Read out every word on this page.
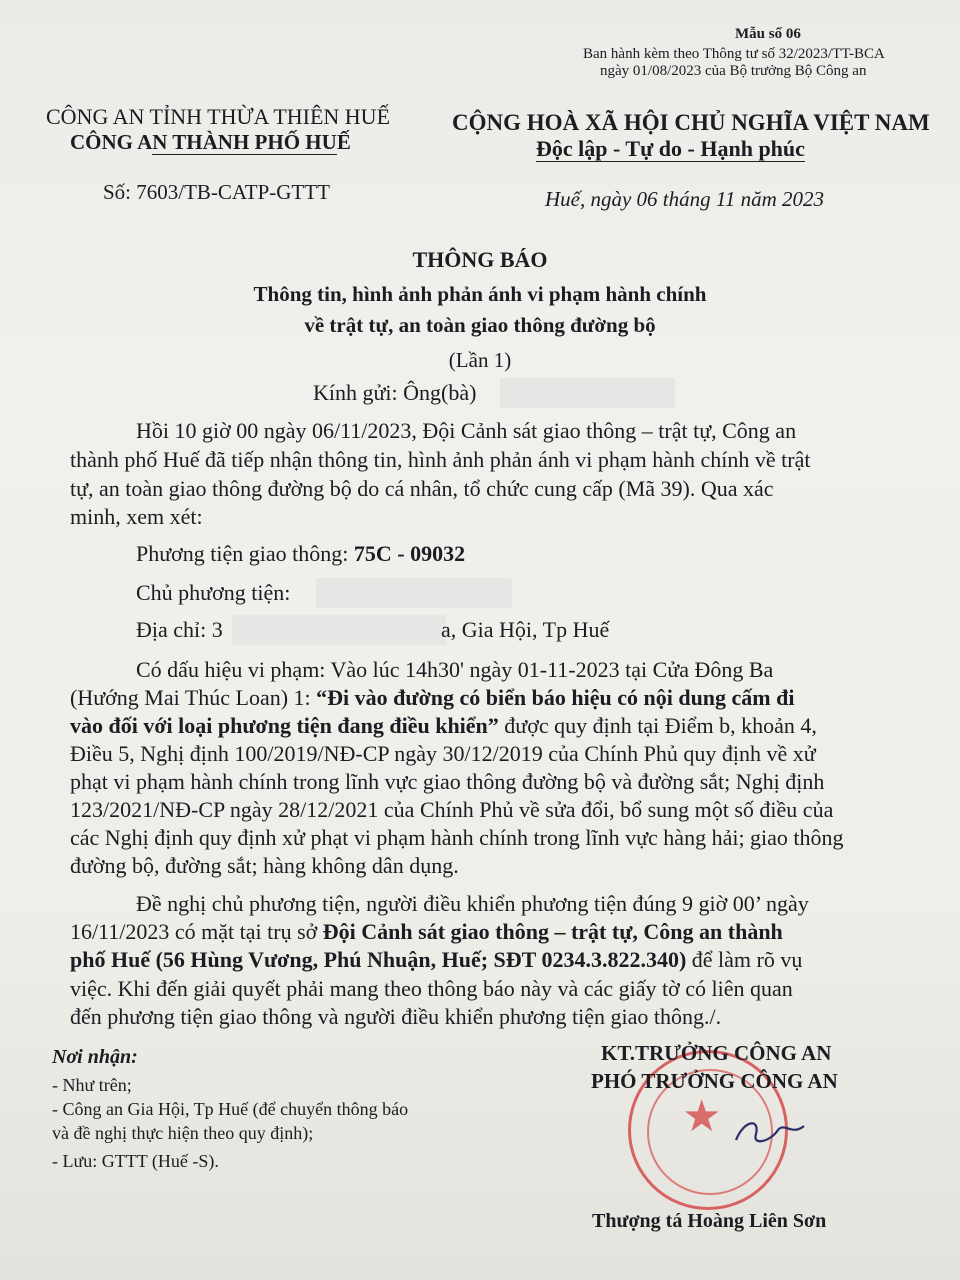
Mẫu số 06
Ban hành kèm theo Thông tư số 32/2023/TT-BCA
ngày 01/08/2023 của Bộ trưởng Bộ Công an
CÔNG AN TỈNH THỪA THIÊN HUẾ
CÔNG AN THÀNH PHỐ HUẾ
CỘNG HOÀ XÃ HỘI CHỦ NGHĨA VIỆT NAM
Độc lập - Tự do - Hạnh phúc
Số: 7603/TB-CATP-GTTT	Huế, ngày 06 tháng 11 năm 2023
THÔNG BÁO
Thông tin, hình ảnh phản ánh vi phạm hành chính
về trật tự, an toàn giao thông đường bộ
(Lần 1)
Kính gửi: Ông(bà)
Hồi 10 giờ 00 ngày 06/11/2023, Đội Cảnh sát giao thông – trật tự, Công an
thành phố Huế đã tiếp nhận thông tin, hình ảnh phản ánh vi phạm hành chính về trật
tự, an toàn giao thông đường bộ do cá nhân, tổ chức cung cấp (Mã 39). Qua xác
minh, xem xét:
Phương tiện giao thông: 75C - 09032
Chủ phương tiện:
Địa chỉ: 3	a, Gia Hội, Tp Huế
Có dấu hiệu vi phạm: Vào lúc 14h30' ngày 01-11-2023 tại Cửa Đông Ba
(Hướng Mai Thúc Loan) 1: “Đi vào đường có biển báo hiệu có nội dung cấm đi
vào đối với loại phương tiện đang điều khiển” được quy định tại Điểm b, khoản 4,
Điều 5, Nghị định 100/2019/NĐ-CP ngày 30/12/2019 của Chính Phủ quy định về xử
phạt vi phạm hành chính trong lĩnh vực giao thông đường bộ và đường sắt; Nghị định
123/2021/NĐ-CP ngày 28/12/2021 của Chính Phủ về sửa đổi, bổ sung một số điều của
các Nghị định quy định xử phạt vi phạm hành chính trong lĩnh vực hàng hải; giao thông
đường bộ, đường sắt; hàng không dân dụng.
Đề nghị chủ phương tiện, người điều khiển phương tiện đúng 9 giờ 00’ ngày
16/11/2023 có mặt tại trụ sở Đội Cảnh sát giao thông – trật tự, Công an thành
phố Huế (56 Hùng Vương, Phú Nhuận, Huế; SĐT 0234.3.822.340) để làm rõ vụ
việc. Khi đến giải quyết phải mang theo thông báo này và các giấy tờ có liên quan
đến phương tiện giao thông và người điều khiển phương tiện giao thông./.
Nơi nhận:
- Như trên;
- Công an Gia Hội, Tp Huế (để chuyển thông báo
và đề nghị thực hiện theo quy định);
- Lưu: GTTT (Huế -S).
★
KT.TRƯỞNG CÔNG AN
PHÓ TRƯỞNG CÔNG AN
Thượng tá Hoàng Liên Sơn
